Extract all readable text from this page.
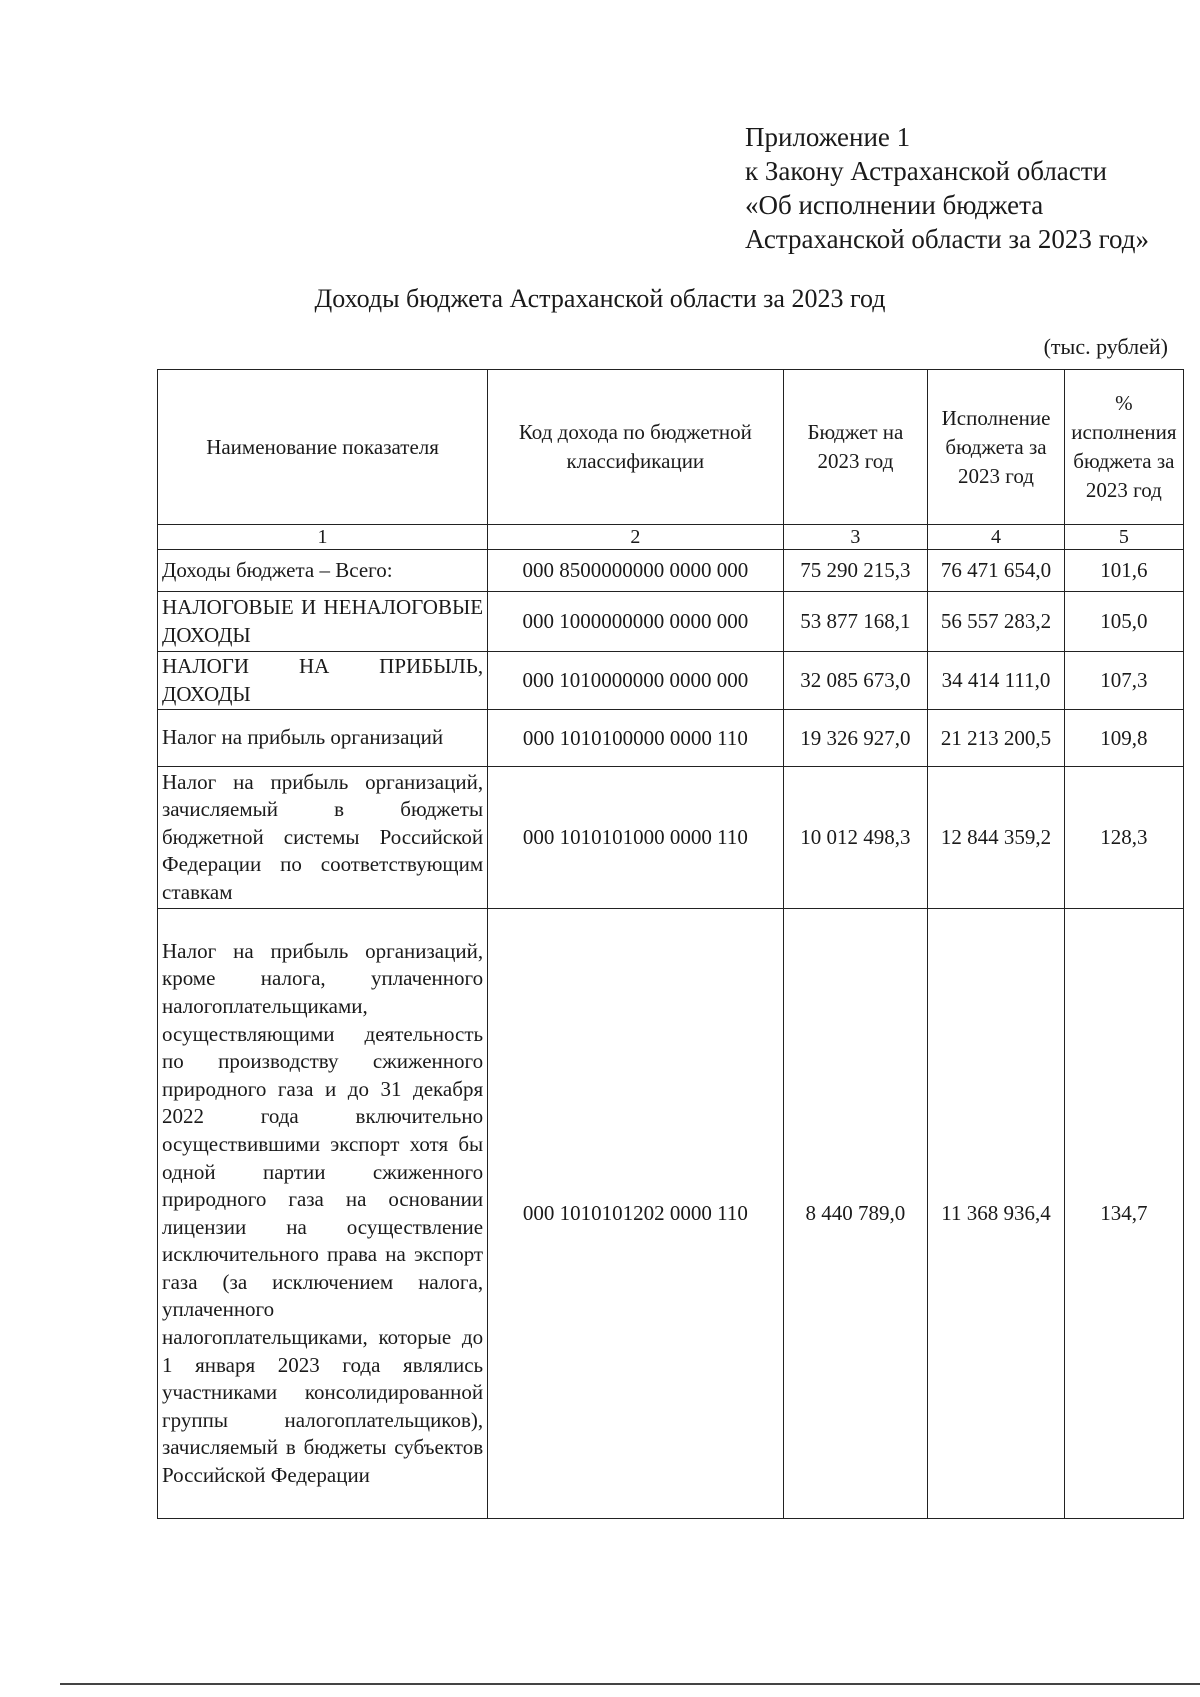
Приложение 1
к Закону Астраханской области
«Об исполнении бюджета
Астраханской области за 2023 год»
Доходы бюджета Астраханской области за 2023 год
(тыс. рублей)
Наименование показателя	Код дохода по бюджетной классификации	Бюджет на 2023 год	Исполнение бюджета за 2023 год	% исполнения бюджета за 2023 год
1	2	3	4	5
Доходы бюджета – Всего:	000 8500000000 0000 000	75 290 215,3	76 471 654,0	101,6
НАЛОГОВЫЕ И НЕНАЛОГОВЫЕ ДОХОДЫ	000 1000000000 0000 000	53 877 168,1	56 557 283,2	105,0
НАЛОГИ НА ПРИБЫЛЬ, ДОХОДЫ	000 1010000000 0000 000	32 085 673,0	34 414 111,0	107,3
Налог на прибыль организаций	000 1010100000 0000 110	19 326 927,0	21 213 200,5	109,8
Налог на прибыль организаций, зачисляемый в бюджеты бюджетной системы Российской Федерации по соответствующим ставкам	000 1010101000 0000 110	10 012 498,3	12 844 359,2	128,3
Налог на прибыль организаций, кроме налога, уплаченного налогоплательщиками, осуществляющими деятельность по производству сжиженного природного газа и до 31 декабря 2022 года включительно осуществившими экспорт хотя бы одной партии сжиженного природного газа на основании лицензии на осуществление исключительного права на экспорт газа (за исключением налога, уплаченного налогоплательщиками, которые до 1 января 2023 года являлись участниками консолидированной группы налогоплательщиков), зачисляемый в бюджеты субъектов Российской Федерации	000 1010101202 0000 110	8 440 789,0	11 368 936,4	134,7
